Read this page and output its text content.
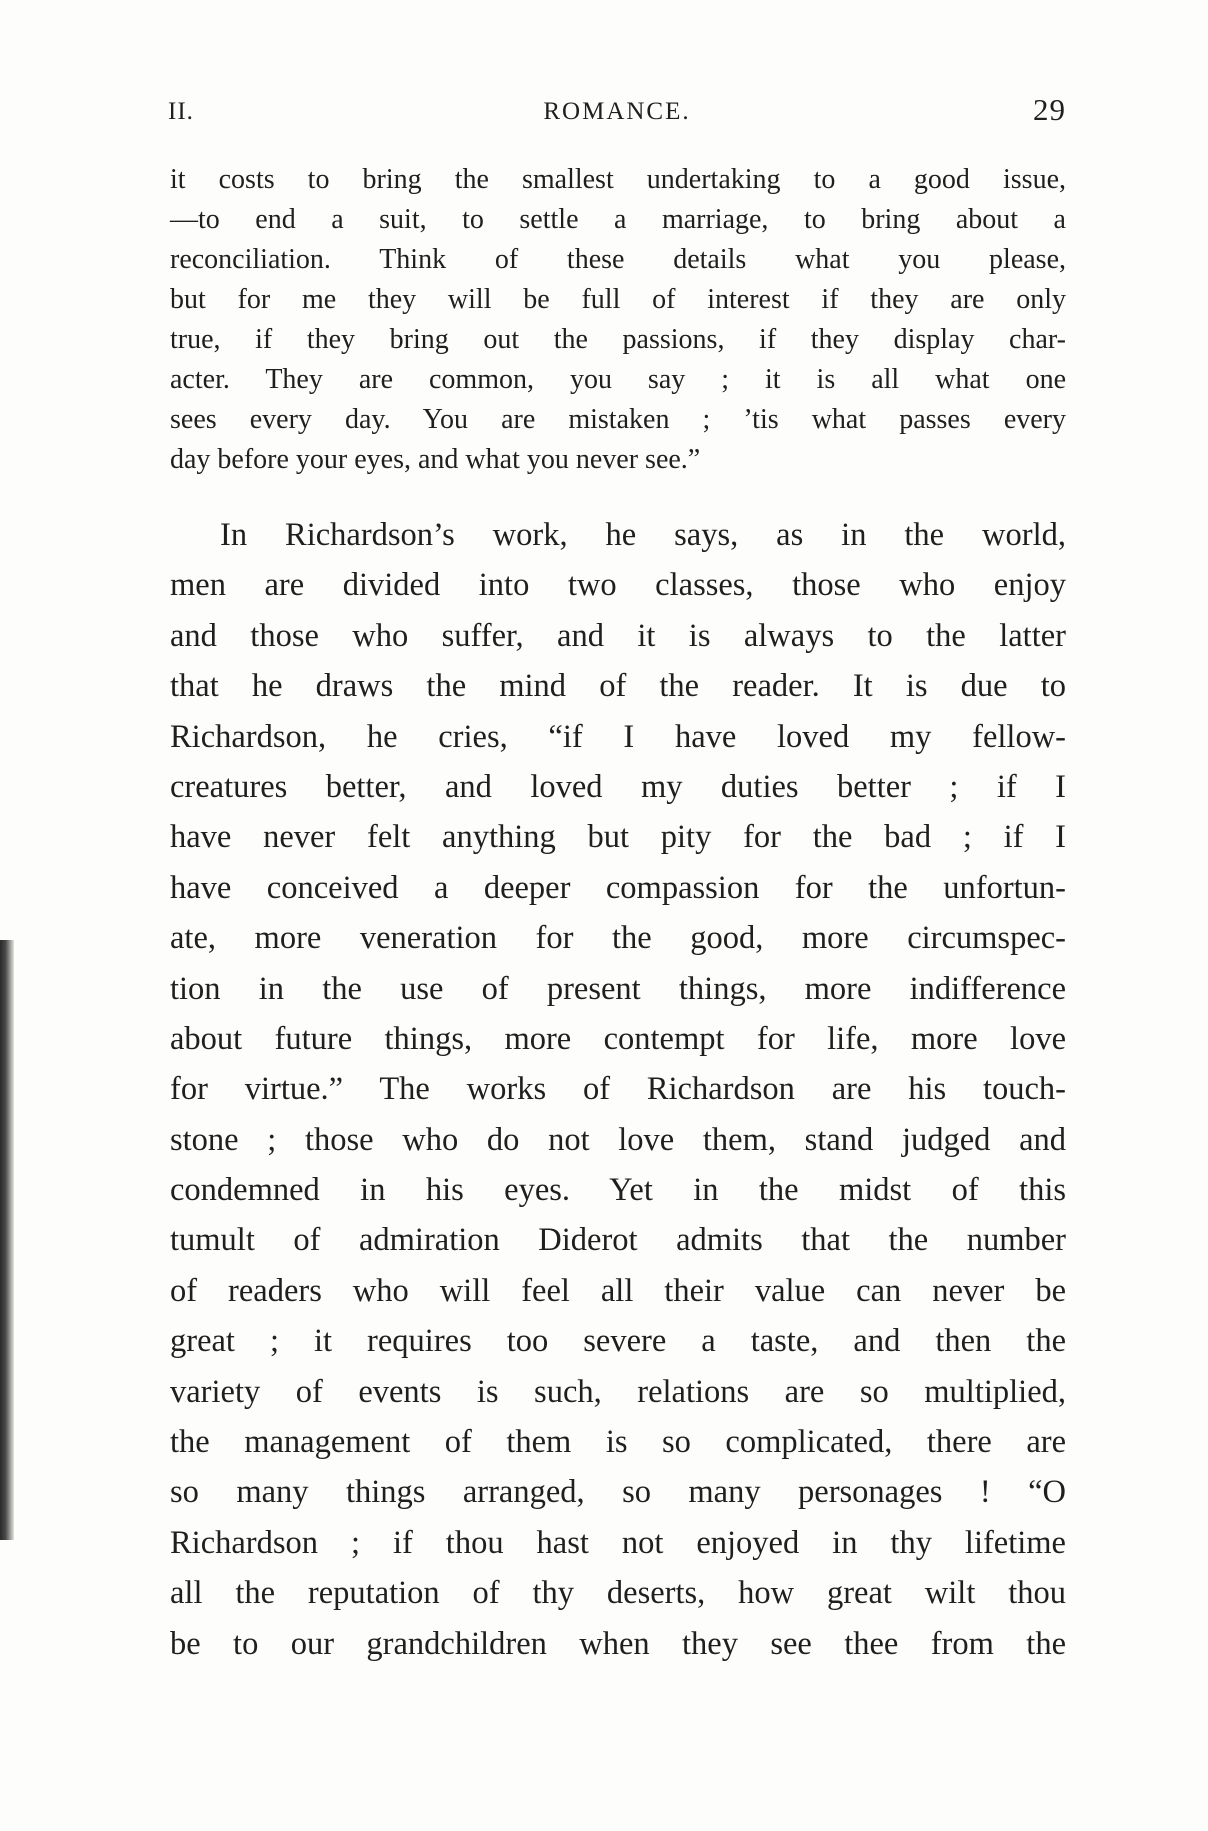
II.	ROMANCE.	29
it costs to bring the smallest undertaking to a good issue,
—to end a suit, to settle a marriage, to bring about a
reconciliation. Think of these details what you please,
but for me they will be full of interest if they are only
true, if they bring out the passions, if they display char-
acter. They are common, you say ; it is all what one
sees every day. You are mistaken ; ’tis what passes every
day before your eyes, and what you never see.”
In Richardson’s work, he says, as in the world,
men are divided into two classes, those who enjoy
and those who suffer, and it is always to the latter
that he draws the mind of the reader. It is due to
Richardson, he cries, “if I have loved my fellow-
creatures better, and loved my duties better ; if I
have never felt anything but pity for the bad ; if I
have conceived a deeper compassion for the unfortun-
ate, more veneration for the good, more circumspec-
tion in the use of present things, more indifference
about future things, more contempt for life, more love
for virtue.” The works of Richardson are his touch-
stone ; those who do not love them, stand judged and
condemned in his eyes. Yet in the midst of this
tumult of admiration Diderot admits that the number
of readers who will feel all their value can never be
great ; it requires too severe a taste, and then the
variety of events is such, relations are so multiplied,
the management of them is so complicated, there are
so many things arranged, so many personages ! “O
Richardson ; if thou hast not enjoyed in thy lifetime
all the reputation of thy deserts, how great wilt thou
be to our grandchildren when they see thee from the
